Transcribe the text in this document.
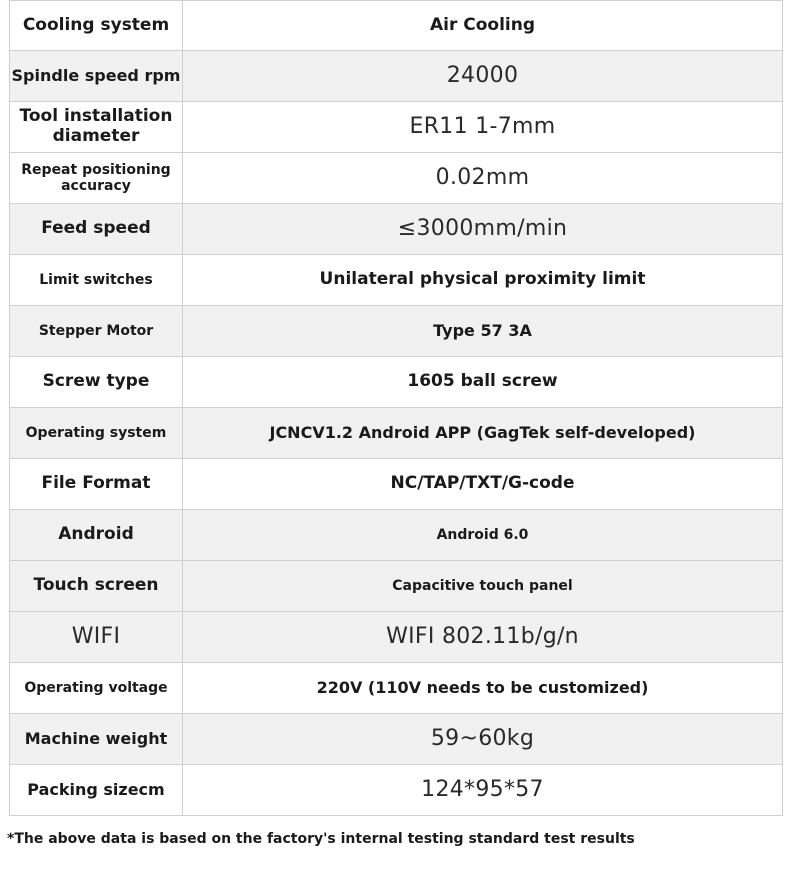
Cooling system	Air Cooling
Spindle speed rpm	24000
Tool installation diameter	ER11 1-7mm
Repeat positioning accuracy	0.02mm
Feed speed	≤3000mm/min
Limit switches	Unilateral physical proximity limit
Stepper Motor	Type 57 3A
Screw type	1605 ball screw
Operating system	JCNCV1.2 Android APP (GagTek self-developed)
File Format	NC/TAP/TXT/G-code
Android	Android 6.0
Touch screen	Capacitive touch panel
WIFI	WIFI 802.11b/g/n
Operating voltage	220V (110V needs to be customized)
Machine weight	59~60kg
Packing sizecm	124*95*57
*The above data is based on the factory's internal testing standard test results
